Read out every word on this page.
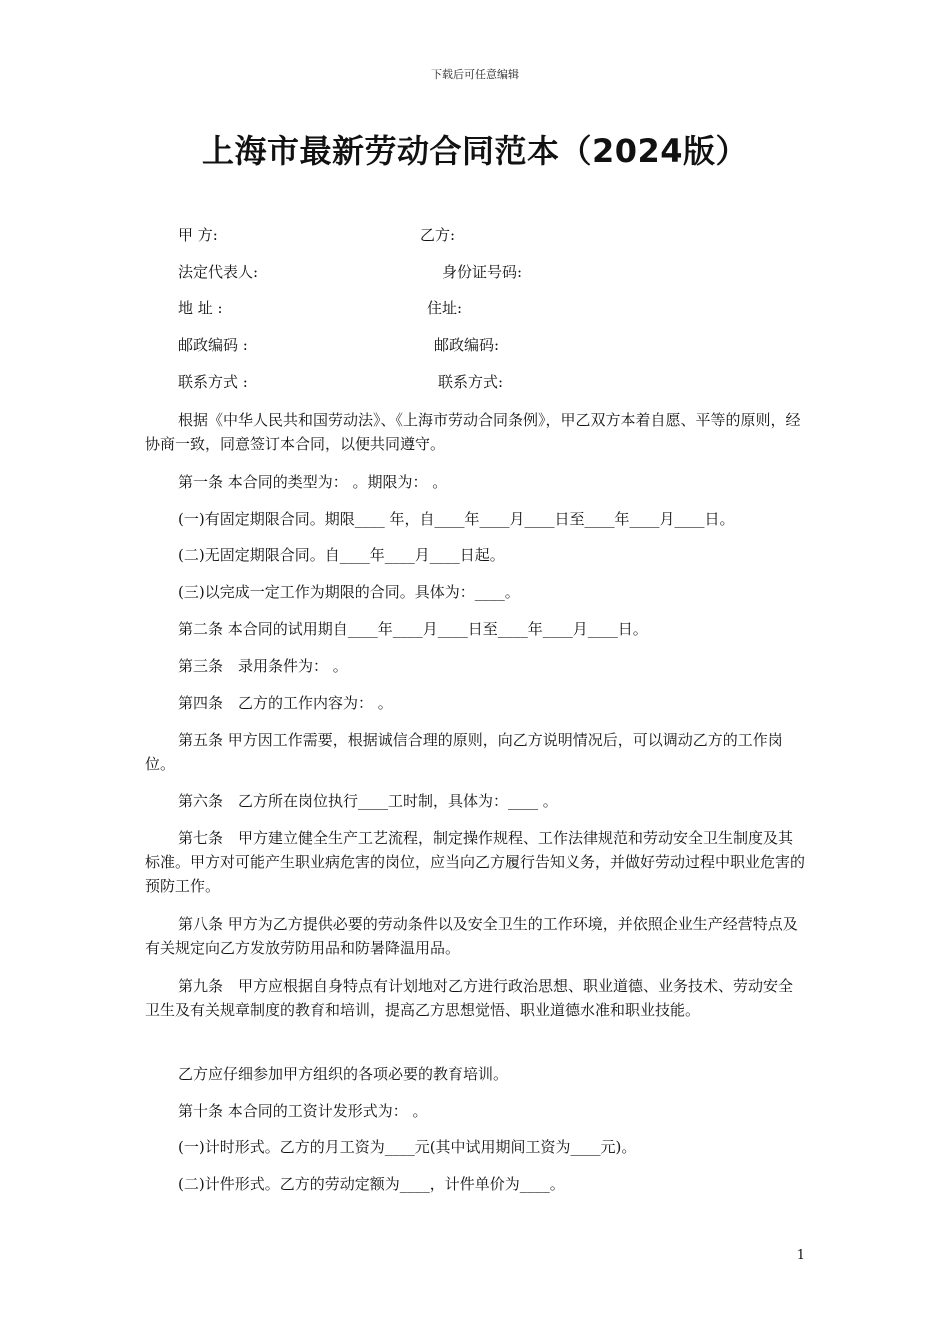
下载后可任意编辑
上海市最新劳动合同范本（2024版）
甲 方:	乙方:
法定代表人:	身份证号码:
地 址 :	住址:
邮政编码 :	邮政编码:
联系方式 :	联系方式:
根据《中华人民共和国劳动法》、《上海市劳动合同条例》，甲乙双方本着自愿、平等的原则，经协商一致，同意签订本合同，以便共同遵守。
第一条 本合同的类型为： 。期限为： 。
(一)有固定期限合同。期限____ 年，自____年____月____日至____年____月____日。
(二)无固定期限合同。自____年____月____日起。
(三)以完成一定工作为期限的合同。具体为：____。
第二条 本合同的试用期自____年____月____日至____年____月____日。
第三条　录用条件为： 。
第四条　乙方的工作内容为： 。
第五条 甲方因工作需要，根据诚信合理的原则，向乙方说明情况后，可以调动乙方的工作岗位。
第六条　乙方所在岗位执行____工时制，具体为：____ 。
第七条　甲方建立健全生产工艺流程，制定操作规程、工作法律规范和劳动安全卫生制度及其标准。甲方对可能产生职业病危害的岗位，应当向乙方履行告知义务，并做好劳动过程中职业危害的预防工作。
第八条 甲方为乙方提供必要的劳动条件以及安全卫生的工作环境，并依照企业生产经营特点及有关规定向乙方发放劳防用品和防暑降温用品。
第九条　甲方应根据自身特点有计划地对乙方进行政治思想、职业道德、业务技术、劳动安全卫生及有关规章制度的教育和培训，提高乙方思想觉悟、职业道德水准和职业技能。
乙方应仔细参加甲方组织的各项必要的教育培训。
第十条 本合同的工资计发形式为： 。
(一)计时形式。乙方的月工资为____元(其中试用期间工资为____元)。
(二)计件形式。乙方的劳动定额为____，计件单价为____。
1
